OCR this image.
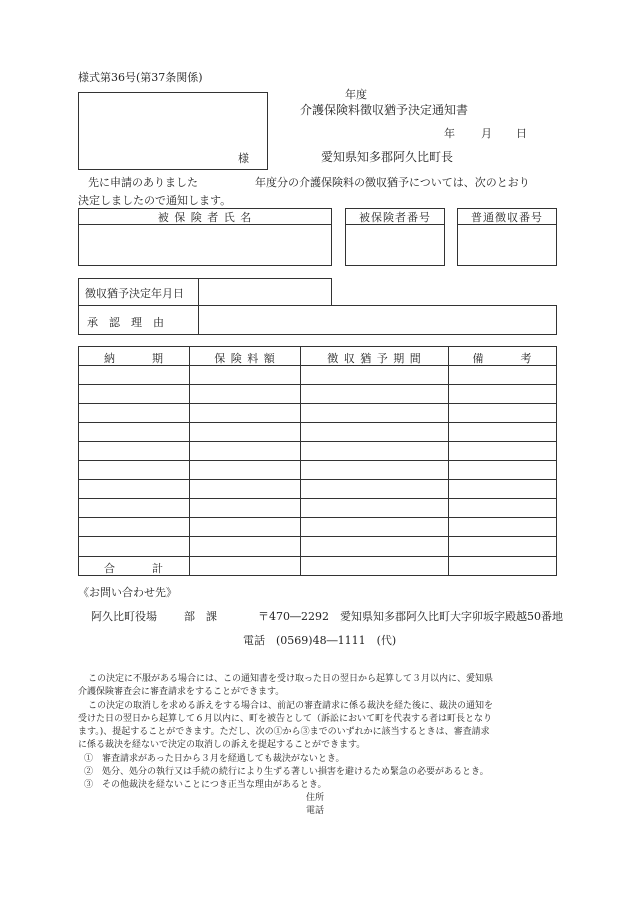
様式第36号(第37条関係)
様
年度
介護保険料徴収猶予決定通知書
年 月 日
愛知県知多郡阿久比町長
先に申請のありました	年度分の介護保険料の徴収猶予については、次のとおり
決定しましたので通知します。
被 保 険 者 氏 名	被保険者番号	普通徴収番号
徴収猶予決定年月日
承　認　理　由
納　　　期	保 険 料 額	徴 収 猶 予 期 間	備　　　考
合　　　計
《お問い合わせ先》
阿久比町役場 部　課	〒470―2292　愛知県知多郡阿久比町大字卯坂字殿越50番地
電話　(0569)48―1111　(代)
この決定に不服がある場合には、この通知書を受け取った日の翌日から起算して３月以内に、愛知県
介護保険審査会に審査請求をすることができます。
この決定の取消しを求める訴えをする場合は、前記の審査請求に係る裁決を経た後に、裁決の通知を
受けた日の翌日から起算して６月以内に、町を被告として（訴訟において町を代表する者は町長となり
ます。)、提起することができます。ただし、次の①から③までのいずれかに該当するときは、審査請求
に係る裁決を経ないで決定の取消しの訴えを提起することができます。
①　審査請求があった日から３月を経過しても裁決がないとき。
②　処分、処分の執行又は手続の続行により生ずる著しい損害を避けるため緊急の必要があるとき。
③　その他裁決を経ないことにつき正当な理由があるとき。
住所
電話
